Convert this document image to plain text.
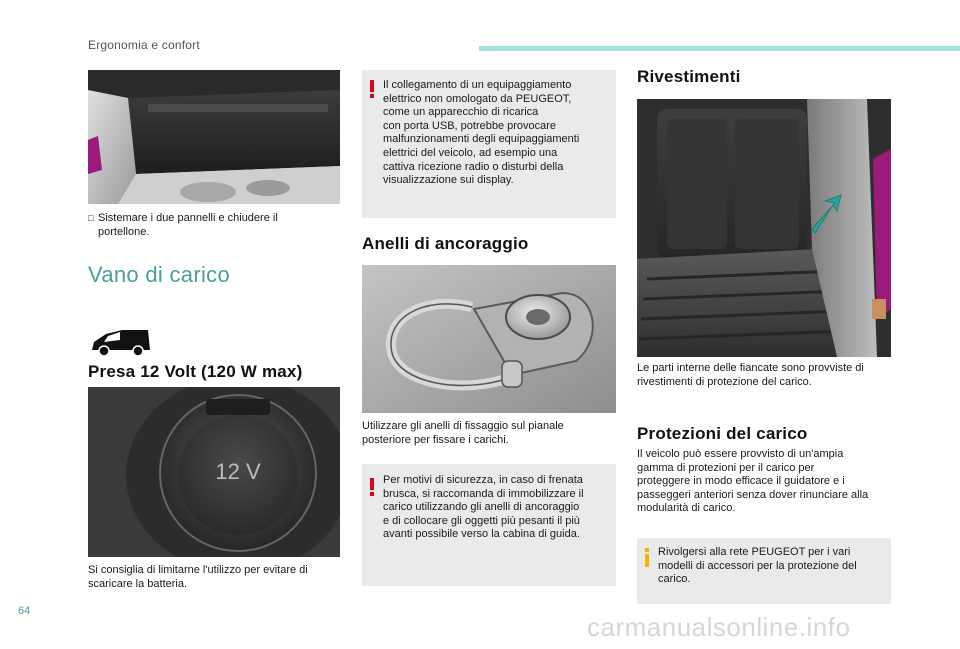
Ergonomia e confort
□ Sistemare i due pannelli e chiudere il portellone.
Vano di carico
Presa 12 Volt (120 W max)
12 V
Si consiglia di limitarne l'utilizzo per evitare di scaricare la batteria.
Il collegamento di un equipaggiamento
elettrico non omologato da PEUGEOT,
come un apparecchio di ricarica
con porta USB, potrebbe provocare
malfunzionamenti degli equipaggiamenti
elettrici del veicolo, ad esempio una
cattiva ricezione radio o disturbi della
visualizzazione sui display.
Anelli di ancoraggio
Utilizzare gli anelli di fissaggio sul pianale
posteriore per fissare i carichi.
Per motivi di sicurezza, in caso di frenata
brusca, si raccomanda di immobilizzare il
carico utilizzando gli anelli di ancoraggio
e di collocare gli oggetti più pesanti il più
avanti possibile verso la cabina di guida.
Rivestimenti
Le parti interne delle fiancate sono provviste di
rivestimenti di protezione del carico.
Protezioni del carico
Il veicolo può essere provvisto di un'ampia
gamma di protezioni per il carico per
proteggere in modo efficace il guidatore e i
passeggeri anteriori senza dover rinunciare alla
modularità di carico.
Rivolgersi alla rete PEUGEOT per i vari
modelli di accessori per la protezione del
carico.
64
carmanualsonline.info
